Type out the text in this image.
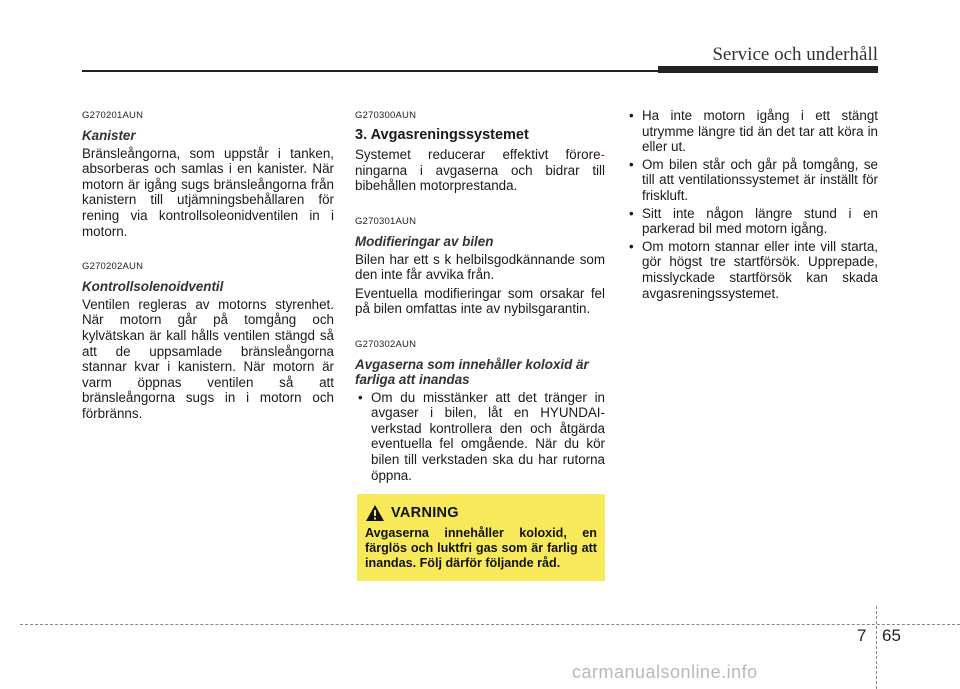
Service och underhåll
G270201AUN
Kanister

Bränsleångorna, som uppstår i tanken, absorberas och samlas i en kanister. När motorn är igång sugs bränsleångorna från kanistern till utjämningsbehållaren för rening via kontrollsoleonidventilen in i motorn.

G270202AUN
Kontrollsolenoidventil

Ventilen regleras av motorns styrenhet. När motorn går på tomgång och kylvätskan är kall hålls ventilen stängd så att de uppsamlade bränsleångorna stannar kvar i kanistern. När motorn är varm öppnas ventilen så att bränsleångorna sugs in i motorn och förbränns.

G270300AUN
3. Avgasreningssystemet

Systemet reducerar effektivt förore- ningarna i avgaserna och bidrar till bibehållen motorprestanda.

G270301AUN
Modifieringar av bilen

Bilen har ett s k helbilsgodkännande som den inte får avvika från.

Eventuella modifieringar som orsakar fel på bilen omfattas inte av nybilsgarantin.

G270302AUN
Avgaserna som innehåller koloxid är farliga att inandas
• Om du misstänker att det tränger in avgaser i bilen, låt en HYUNDAI-verkstad kontrollera den och åtgärda eventuella fel omgående. När du kör bilen till verkstaden ska du har rutorna öppna.
VARNING
Avgaserna innehåller koloxid, en färglös och luktfri gas som är farlig att inandas. Följ därför följande råd.
• Ha inte motorn igång i ett stängt utrymme längre tid än det tar att köra in eller ut.
• Om bilen står och går på tomgång, se till att ventilationssystemet är inställt för friskluft.
• Sitt inte någon längre stund i en parkerad bil med motorn igång.
• Om motorn stannar eller inte vill starta, gör högst tre startförsök. Upprepade, misslyckade startförsök kan skada avgasreningssystemet.
7 65
carmanualsonline.info
